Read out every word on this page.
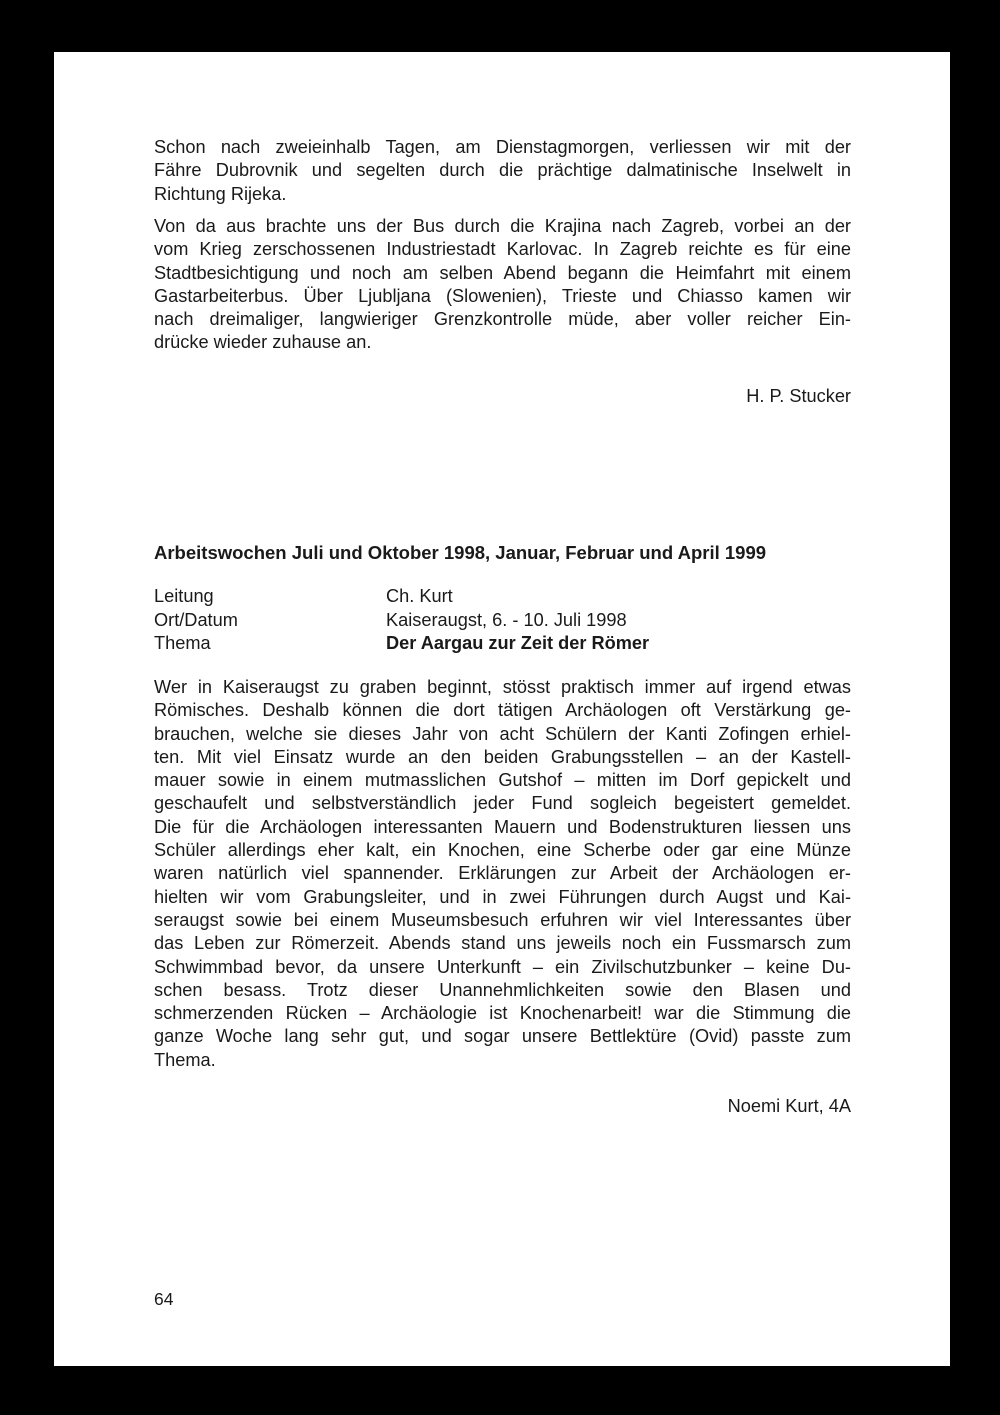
Schon nach zweieinhalb Tagen, am Dienstagmorgen, verliessen wir mit der
Fähre Dubrovnik und segelten durch die prächtige dalmatinische Inselwelt in
Richtung Rijeka.

Von da aus brachte uns der Bus durch die Krajina nach Zagreb, vorbei an der
vom Krieg zerschossenen Industriestadt Karlovac. In Zagreb reichte es für eine
Stadtbesichtigung und noch am selben Abend begann die Heimfahrt mit einem
Gastarbeiterbus. Über Ljubljana (Slowenien), Trieste und Chiasso kamen wir
nach dreimaliger, langwieriger Grenzkontrolle müde, aber voller reicher Ein-
drücke wieder zuhause an.

H. P. Stucker

Arbeitswochen Juli und Oktober 1998, Januar, Februar und April 1999
Leitung	Ch. Kurt
Ort/Datum	Kaiseraugst, 6. - 10. Juli 1998
Thema	Der Aargau zur Zeit der Römer

Wer in Kaiseraugst zu graben beginnt, stösst praktisch immer auf irgend etwas
Römisches. Deshalb können die dort tätigen Archäologen oft Verstärkung ge-
brauchen, welche sie dieses Jahr von acht Schülern der Kanti Zofingen erhiel-
ten. Mit viel Einsatz wurde an den beiden Grabungsstellen – an der Kastell-
mauer sowie in einem mutmasslichen Gutshof – mitten im Dorf gepickelt und
geschaufelt und selbstverständlich jeder Fund sogleich begeistert gemeldet.
Die für die Archäologen interessanten Mauern und Bodenstrukturen liessen uns
Schüler allerdings eher kalt, ein Knochen, eine Scherbe oder gar eine Münze
waren natürlich viel spannender. Erklärungen zur Arbeit der Archäologen er-
hielten wir vom Grabungsleiter, und in zwei Führungen durch Augst und Kai-
seraugst sowie bei einem Museumsbesuch erfuhren wir viel Interessantes über
das Leben zur Römerzeit. Abends stand uns jeweils noch ein Fussmarsch zum
Schwimmbad bevor, da unsere Unterkunft – ein Zivilschutzbunker – keine Du-
schen besass. Trotz dieser Unannehmlichkeiten sowie den Blasen und
schmerzenden Rücken – Archäologie ist Knochenarbeit! war die Stimmung die
ganze Woche lang sehr gut, und sogar unsere Bettlektüre (Ovid) passte zum
Thema.

Noemi Kurt, 4A

64
